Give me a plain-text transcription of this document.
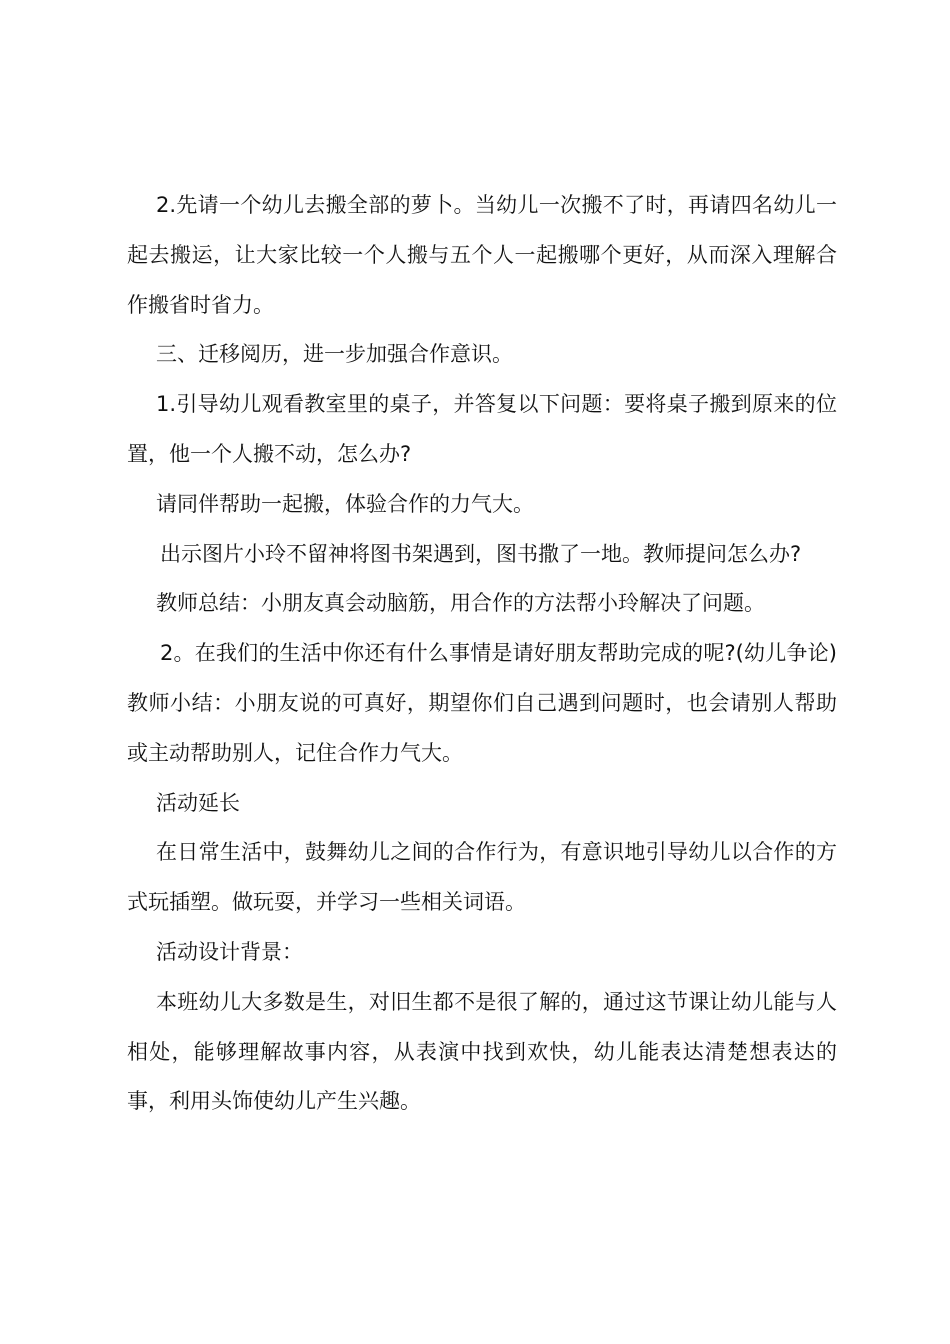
2.先请一个幼儿去搬全部的萝卜。当幼儿一次搬不了时，再请四名幼儿一起去搬运，让大家比较一个人搬与五个人一起搬哪个更好，从而深入理解合作搬省时省力。

三、迁移阅历，进一步加强合作意识。

1.引导幼儿观看教室里的桌子，并答复以下问题：要将桌子搬到原来的位置，他一个人搬不动，怎么办?

请同伴帮助一起搬，体验合作的力气大。

出示图片小玲不留神将图书架遇到，图书撒了一地。教师提问怎么办?

教师总结：小朋友真会动脑筋，用合作的方法帮小玲解决了问题。

2。在我们的生活中你还有什么事情是请好朋友帮助完成的呢?(幼儿争论)教师小结：小朋友说的可真好，期望你们自己遇到问题时，也会请别人帮助或主动帮助别人，记住合作力气大。

活动延长

在日常生活中，鼓舞幼儿之间的合作行为，有意识地引导幼儿以合作的方式玩插塑。做玩耍，并学习一些相关词语。

活动设计背景：

本班幼儿大多数是生，对旧生都不是很了解的，通过这节课让幼儿能与人相处，能够理解故事内容，从表演中找到欢快，幼儿能表达清楚想表达的事，利用头饰使幼儿产生兴趣。
